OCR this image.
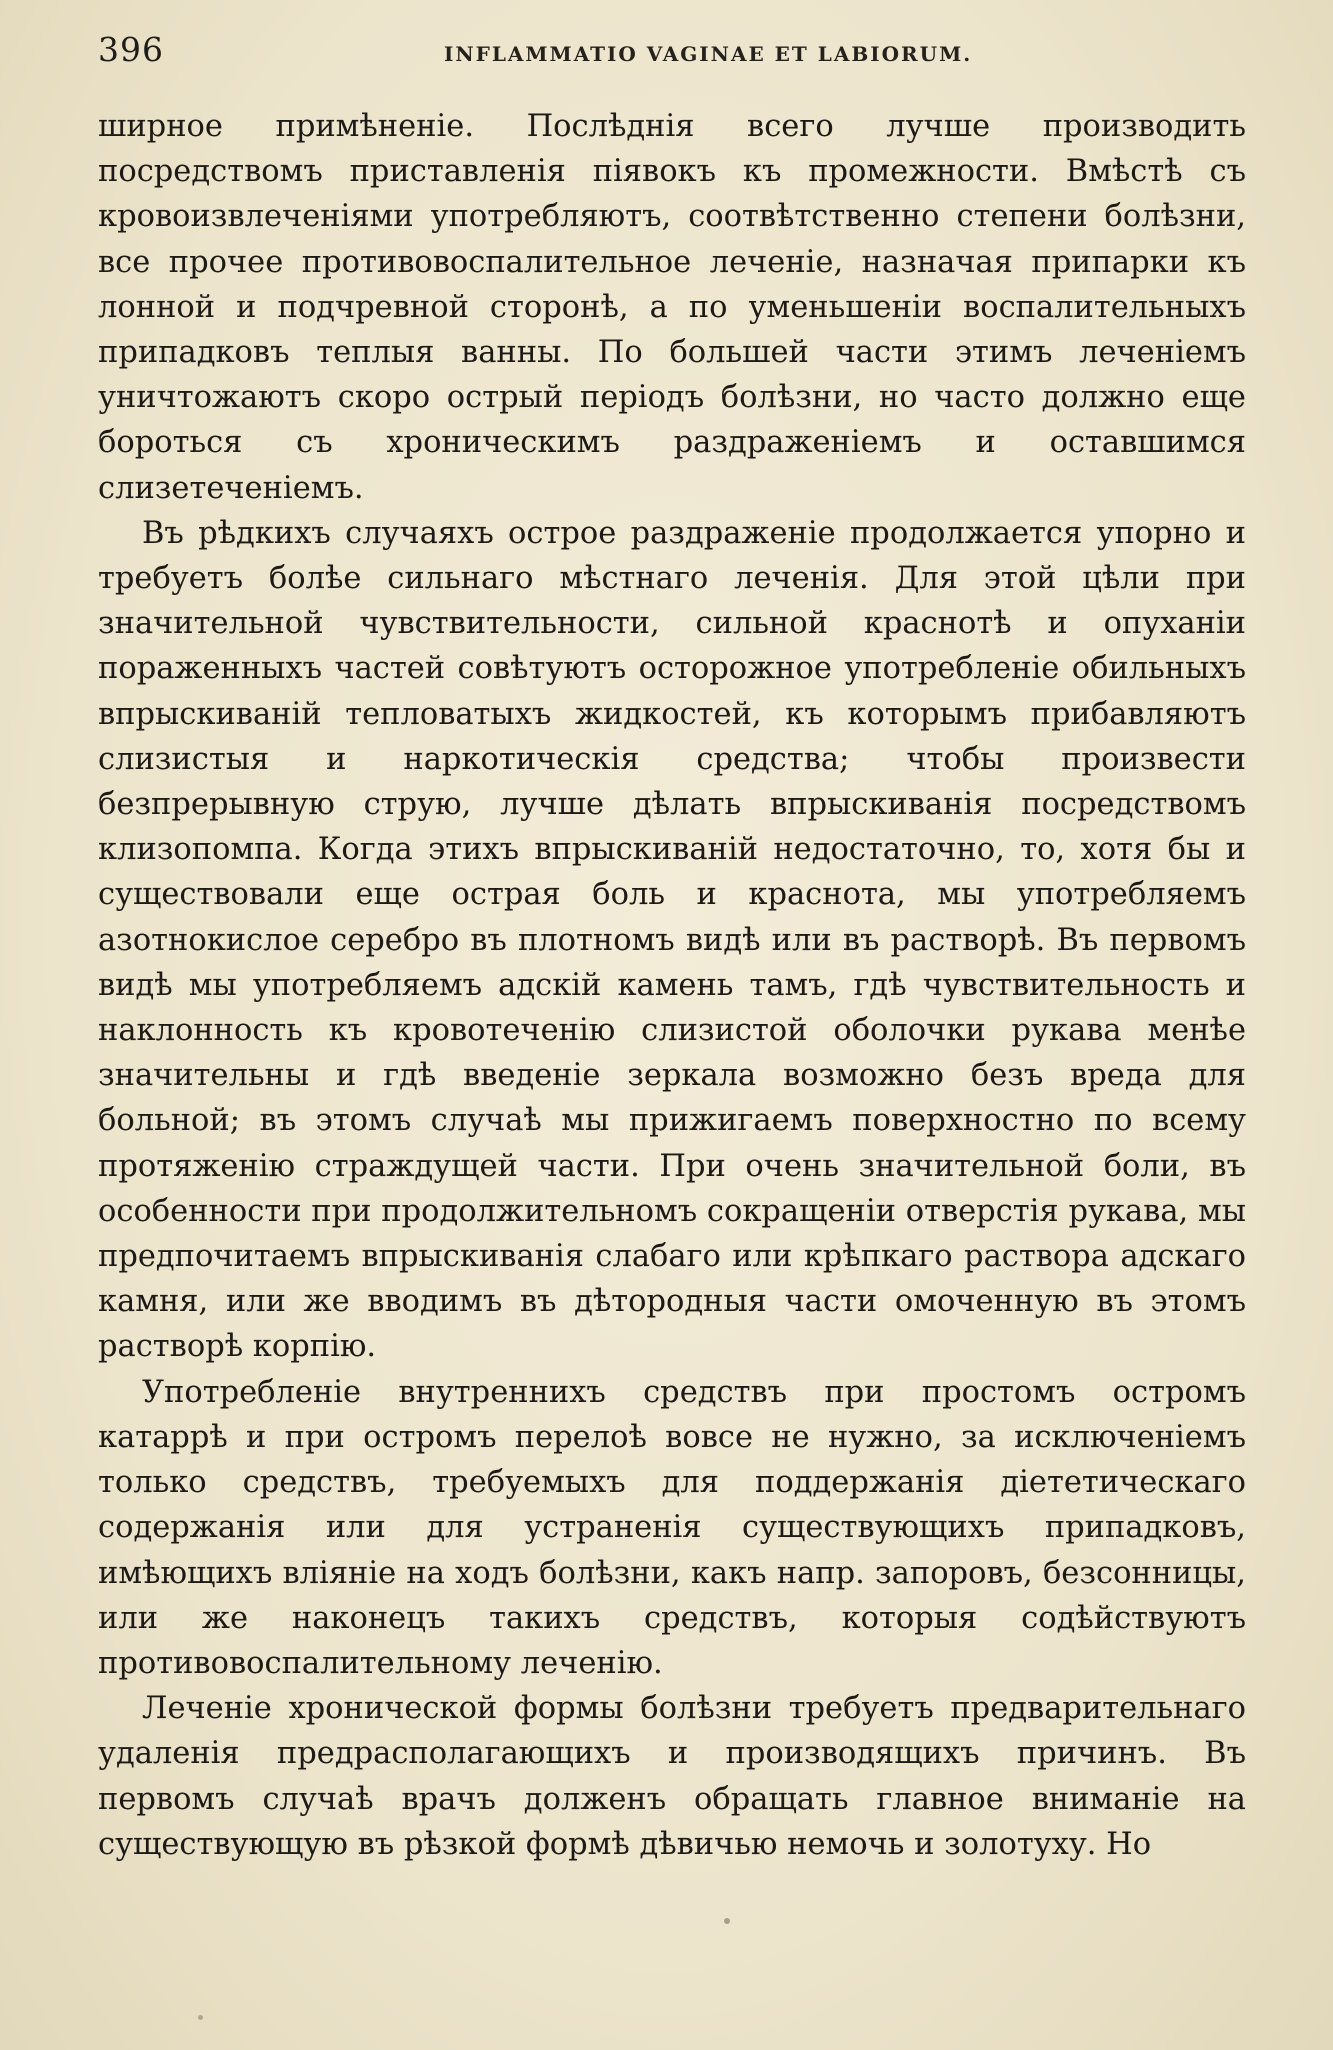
396	INFLAMMATIO VAGINAE ET LABIORUM.

ширное примѣненіе. Послѣднія всего лучше производить посредствомъ приставленія піявокъ къ промежности. Вмѣстѣ съ кровоизвлеченіями употребляютъ, соотвѣтственно степени болѣзни, все прочее противовоспалительное леченіе, назначая припарки къ лонной и подчревной сторонѣ, а по уменьшеніи воспалительныхъ припадковъ теплыя ванны. По большей части этимъ леченіемъ уничтожаютъ скоро острый періодъ болѣзни, но часто должно еще бороться съ хроническимъ раздраженіемъ и оставшимся слизетеченіемъ.

Въ рѣдкихъ случаяхъ острое раздраженіе продолжается упорно и требуетъ болѣе сильнаго мѣстнаго леченія. Для этой цѣли при значительной чувствительности, сильной краснотѣ и опуханіи пораженныхъ частей совѣтуютъ осторожное употребленіе обильныхъ впрыскиваній тепловатыхъ жидкостей, къ которымъ прибавляютъ слизистыя и наркотическія средства; чтобы произвести безпрерывную струю, лучше дѣлать впрыскиванія посредствомъ клизопомпа. Когда этихъ впрыскиваній недостаточно, то, хотя бы и существовали еще острая боль и краснота, мы употребляемъ азотнокислое серебро въ плотномъ видѣ или въ растворѣ. Въ первомъ видѣ мы употребляемъ адскій камень тамъ, гдѣ чувствительность и наклонность къ кровотеченію слизистой оболочки рукава менѣе значительны и гдѣ введеніе зеркала возможно безъ вреда для больной; въ этомъ случаѣ мы прижигаемъ поверхностно по всему протяженію страждущей части. При очень значительной боли, въ особенности при продолжительномъ сокращеніи отверстія рукава, мы предпочитаемъ впрыскиванія слабаго или крѣпкаго раствора адскаго камня, или же вводимъ въ дѣтородныя части омоченную въ этомъ растворѣ корпію.

Употребленіе внутреннихъ средствъ при простомъ остромъ катаррѣ и при остромъ перелоѣ вовсе не нужно, за исключеніемъ только средствъ, требуемыхъ для поддержанія діететическаго содержанія или для устраненія существующихъ припадковъ, имѣющихъ вліяніе на ходъ болѣзни, какъ напр. запоровъ, безсонницы, или же наконецъ такихъ средствъ, которыя содѣйствуютъ противовоспалительному леченію.

Леченіе хронической формы болѣзни требуетъ предварительнаго удаленія предрасполагающихъ и производящихъ причинъ. Въ первомъ случаѣ врачъ долженъ обращать главное вниманіе на существующую въ рѣзкой формѣ дѣвичью немочь и золотуху. Но
